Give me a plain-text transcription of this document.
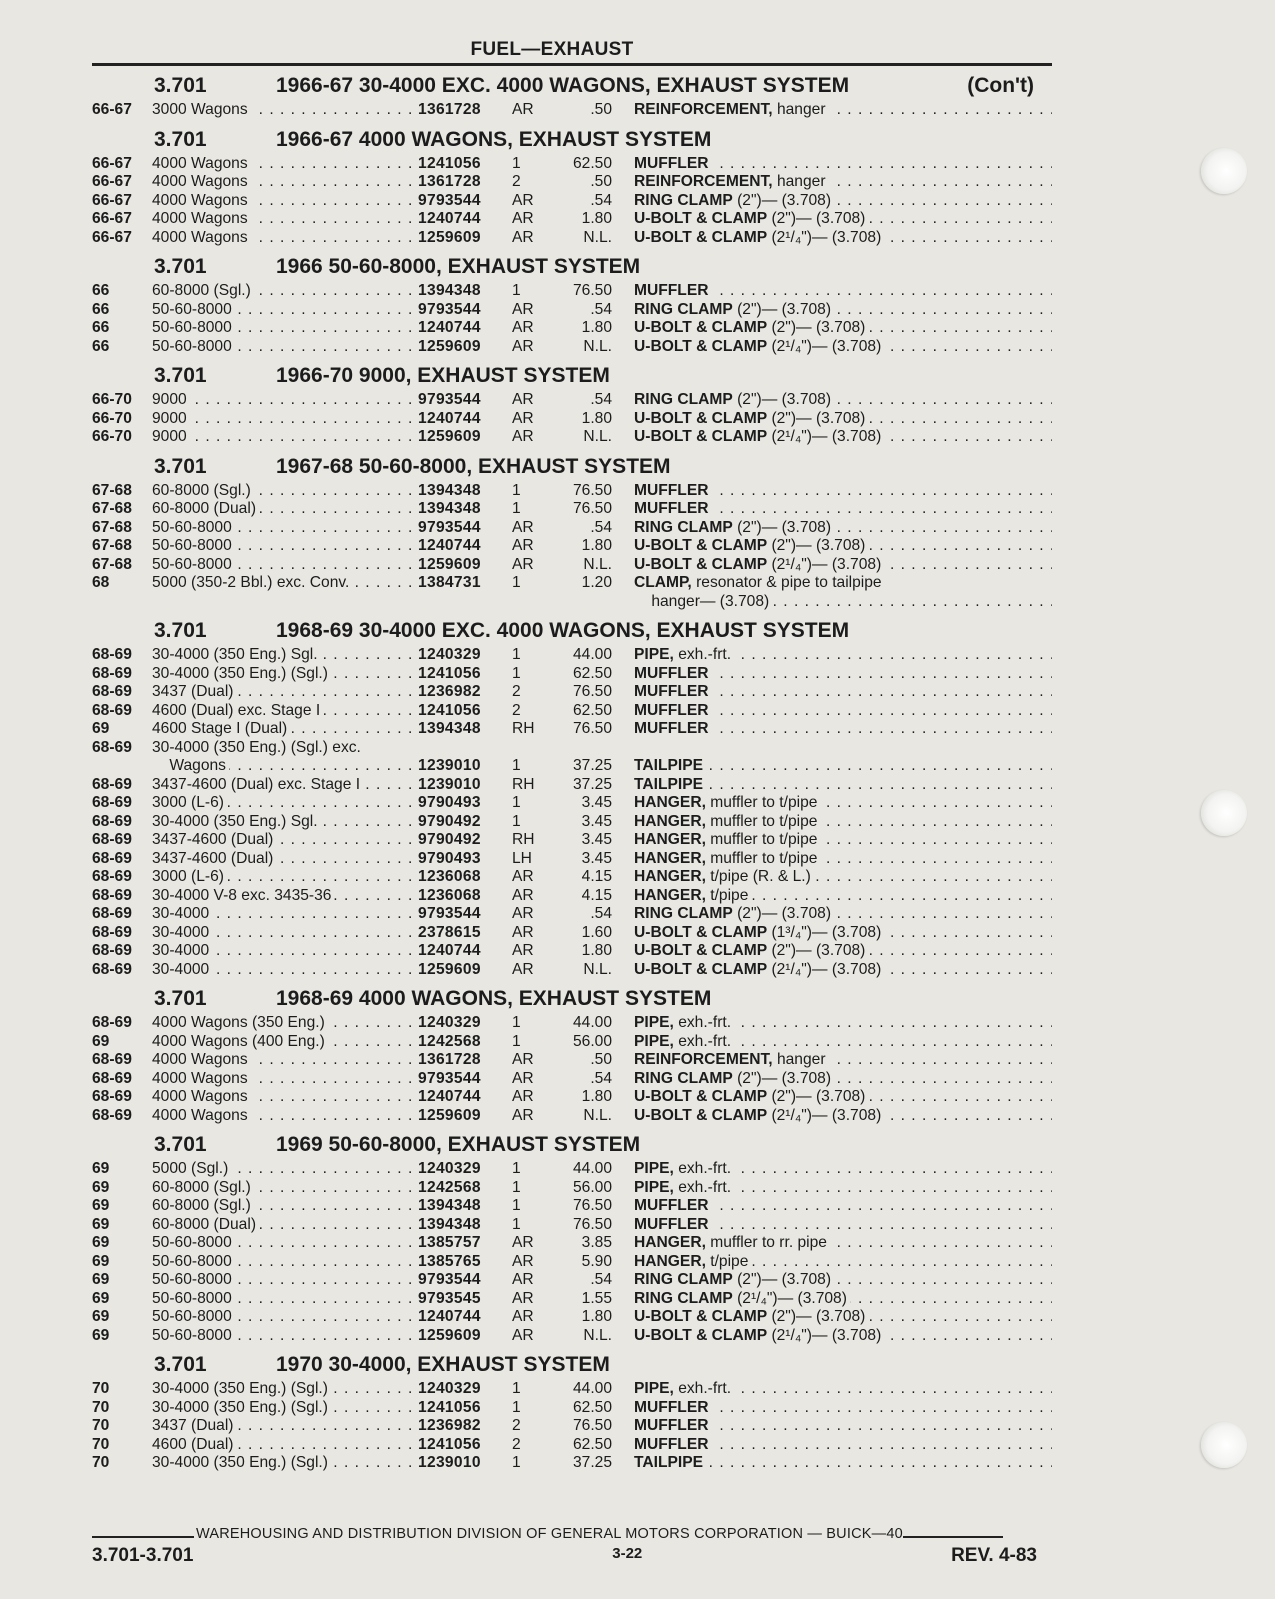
FUEL—EXHAUST
3.701	1966-67 30-4000 EXC. 4000 WAGONS, EXHAUST SYSTEM	(Con't)
66-67	3000 Wagons . . .	1361728	AR	.50	REINFORCEMENT, hanger . . .
3.701	1966-67 4000 WAGONS, EXHAUST SYSTEM
66-67	4000 Wagons . . .	1241056	1	62.50	MUFFLER . . .
66-67	4000 Wagons . . .	1361728	2	.50	REINFORCEMENT, hanger . . .
66-67	4000 Wagons . . .	9793544	AR	.54	RING CLAMP (2")— (3.708) . . .
66-67	4000 Wagons . . .	1240744	AR	1.80	U-BOLT & CLAMP (2")— (3.708) . . .
66-67	4000 Wagons . . .	1259609	AR	N.L.	U-BOLT & CLAMP (2¹/₄")— (3.708) . . .
3.701	1966 50-60-8000, EXHAUST SYSTEM
66	60-8000 (Sgl.) . . .	1394348	1	76.50	MUFFLER . . .
66	50-60-8000 . . .	9793544	AR	.54	RING CLAMP (2")— (3.708) . . .
66	50-60-8000 . . .	1240744	AR	1.80	U-BOLT & CLAMP (2")— (3.708) . . .
66	50-60-8000 . . .	1259609	AR	N.L.	U-BOLT & CLAMP (2¹/₄")— (3.708) . . .
3.701	1966-70 9000, EXHAUST SYSTEM
66-70	9000 . . .	9793544	AR	.54	RING CLAMP (2")— (3.708) . . .
66-70	9000 . . .	1240744	AR	1.80	U-BOLT & CLAMP (2")— (3.708) . . .
66-70	9000 . . .	1259609	AR	N.L.	U-BOLT & CLAMP (2¹/₄")— (3.708) . . .
3.701	1967-68 50-60-8000, EXHAUST SYSTEM
67-68	60-8000 (Sgl.) . . .	1394348	1	76.50	MUFFLER . . .
67-68	60-8000 (Dual) . . .	1394348	1	76.50	MUFFLER . . .
67-68	50-60-8000 . . .	9793544	AR	.54	RING CLAMP (2")— (3.708) . . .
67-68	50-60-8000 . . .	1240744	AR	1.80	U-BOLT & CLAMP (2")— (3.708) . . .
67-68	50-60-8000 . . .	1259609	AR	N.L.	U-BOLT & CLAMP (2¹/₄")— (3.708) . . .
68	5000 (350-2 Bbl.) exc. Conv. . . .	1384731	1	1.20	CLAMP, resonator & pipe to tailpipe
hanger— (3.708) . . .
3.701	1968-69 30-4000 EXC. 4000 WAGONS, EXHAUST SYSTEM
68-69	30-4000 (350 Eng.) Sgl. . . .	1240329	1	44.00	PIPE, exh.-frt. . . .
68-69	30-4000 (350 Eng.) (Sgl.) . . .	1241056	1	62.50	MUFFLER . . .
68-69	3437 (Dual) . . .	1236982	2	76.50	MUFFLER . . .
68-69	4600 (Dual) exc. Stage I . . .	1241056	2	62.50	MUFFLER . . .
69	4600 Stage I (Dual) . . .	1394348	RH	76.50	MUFFLER . . .
68-69	30-4000 (350 Eng.) (Sgl.) exc.
Wagons . . .	1239010	1	37.25	TAILPIPE . . .
68-69	3437-4600 (Dual) exc. Stage I . . .	1239010	RH	37.25	TAILPIPE . . .
68-69	3000 (L-6) . . .	9790493	1	3.45	HANGER, muffler to t/pipe . . .
68-69	30-4000 (350 Eng.) Sgl. . . .	9790492	1	3.45	HANGER, muffler to t/pipe . . .
68-69	3437-4600 (Dual) . . .	9790492	RH	3.45	HANGER, muffler to t/pipe . . .
68-69	3437-4600 (Dual) . . .	9790493	LH	3.45	HANGER, muffler to t/pipe . . .
68-69	3000 (L-6) . . .	1236068	AR	4.15	HANGER, t/pipe (R. & L.) . . .
68-69	30-4000 V-8 exc. 3435-36 . . .	1236068	AR	4.15	HANGER, t/pipe . . .
68-69	30-4000 . . .	9793544	AR	.54	RING CLAMP (2")— (3.708) . . .
68-69	30-4000 . . .	2378615	AR	1.60	U-BOLT & CLAMP (1³/₄")— (3.708) . . .
68-69	30-4000 . . .	1240744	AR	1.80	U-BOLT & CLAMP (2")— (3.708) . . .
68-69	30-4000 . . .	1259609	AR	N.L.	U-BOLT & CLAMP (2¹/₄")— (3.708) . . .
3.701	1968-69 4000 WAGONS, EXHAUST SYSTEM
68-69	4000 Wagons (350 Eng.) . . .	1240329	1	44.00	PIPE, exh.-frt. . . .
69	4000 Wagons (400 Eng.) . . .	1242568	1	56.00	PIPE, exh.-frt. . . .
68-69	4000 Wagons . . .	1361728	AR	.50	REINFORCEMENT, hanger . . .
68-69	4000 Wagons . . .	9793544	AR	.54	RING CLAMP (2")— (3.708) . . .
68-69	4000 Wagons . . .	1240744	AR	1.80	U-BOLT & CLAMP (2")— (3.708) . . .
68-69	4000 Wagons . . .	1259609	AR	N.L.	U-BOLT & CLAMP (2¹/₄")— (3.708) . . .
3.701	1969 50-60-8000, EXHAUST SYSTEM
69	5000 (Sgl.) . . .	1240329	1	44.00	PIPE, exh.-frt. . . .
69	60-8000 (Sgl.) . . .	1242568	1	56.00	PIPE, exh.-frt. . . .
69	60-8000 (Sgl.) . . .	1394348	1	76.50	MUFFLER . . .
69	60-8000 (Dual) . . .	1394348	1	76.50	MUFFLER . . .
69	50-60-8000 . . .	1385757	AR	3.85	HANGER, muffler to rr. pipe . . .
69	50-60-8000 . . .	1385765	AR	5.90	HANGER, t/pipe . . .
69	50-60-8000 . . .	9793544	AR	.54	RING CLAMP (2")— (3.708) . . .
69	50-60-8000 . . .	9793545	AR	1.55	RING CLAMP (2¹/₄")— (3.708) . . .
69	50-60-8000 . . .	1240744	AR	1.80	U-BOLT & CLAMP (2")— (3.708) . . .
69	50-60-8000 . . .	1259609	AR	N.L.	U-BOLT & CLAMP (2¹/₄")— (3.708) . . .
3.701	1970 30-4000, EXHAUST SYSTEM
70	30-4000 (350 Eng.) (Sgl.) . . .	1240329	1	44.00	PIPE, exh.-frt. . . .
70	30-4000 (350 Eng.) (Sgl.) . . .	1241056	1	62.50	MUFFLER . . .
70	3437 (Dual) . . .	1236982	2	76.50	MUFFLER . . .
70	4600 (Dual) . . .	1241056	2	62.50	MUFFLER . . .
70	30-4000 (350 Eng.) (Sgl.) . . .	1239010	1	37.25	TAILPIPE . . .
WAREHOUSING AND DISTRIBUTION DIVISION OF GENERAL MOTORS CORPORATION — BUICK—40
3.701-3.701	3-22	REV. 4-83
